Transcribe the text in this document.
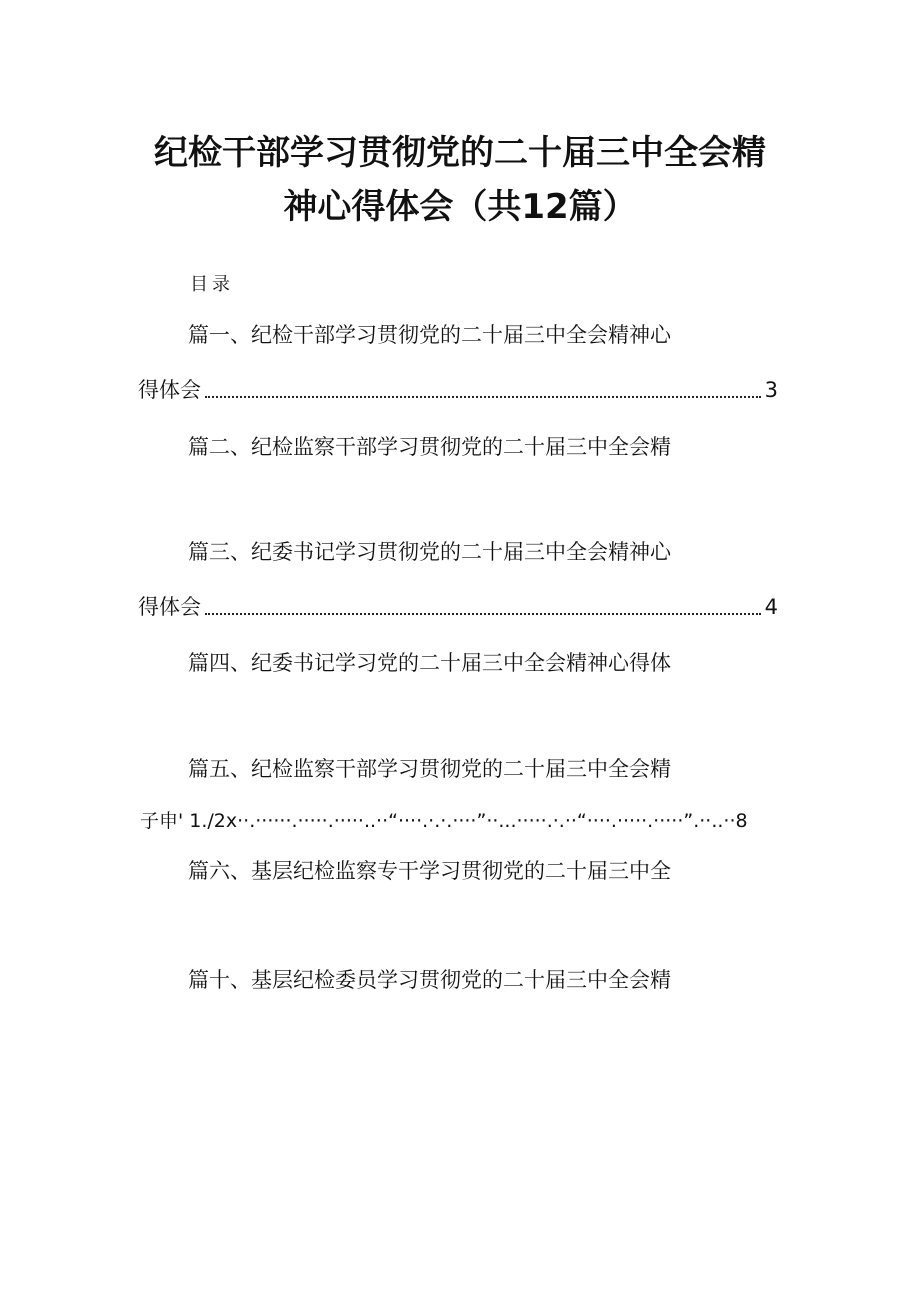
纪检干部学习贯彻党的二十届三中全会精
神心得体会（共12篇）
目录
篇一、纪检干部学习贯彻党的二十届三中全会精神心
得体会	3
篇二、纪检监察干部学习贯彻党的二十届三中全会精
篇三、纪委书记学习贯彻党的二十届三中全会精神心
得体会	4
篇四、纪委书记学习党的二十届三中全会精神心得体
篇五、纪检监察干部学习贯彻党的二十届三中全会精
子申' 1./2x··.······.·····.·····..··“····.·.·.····”··...·····.·.··“····.·····.·····”.··..··8
篇六、基层纪检监察专干学习贯彻党的二十届三中全
篇十、基层纪检委员学习贯彻党的二十届三中全会精
